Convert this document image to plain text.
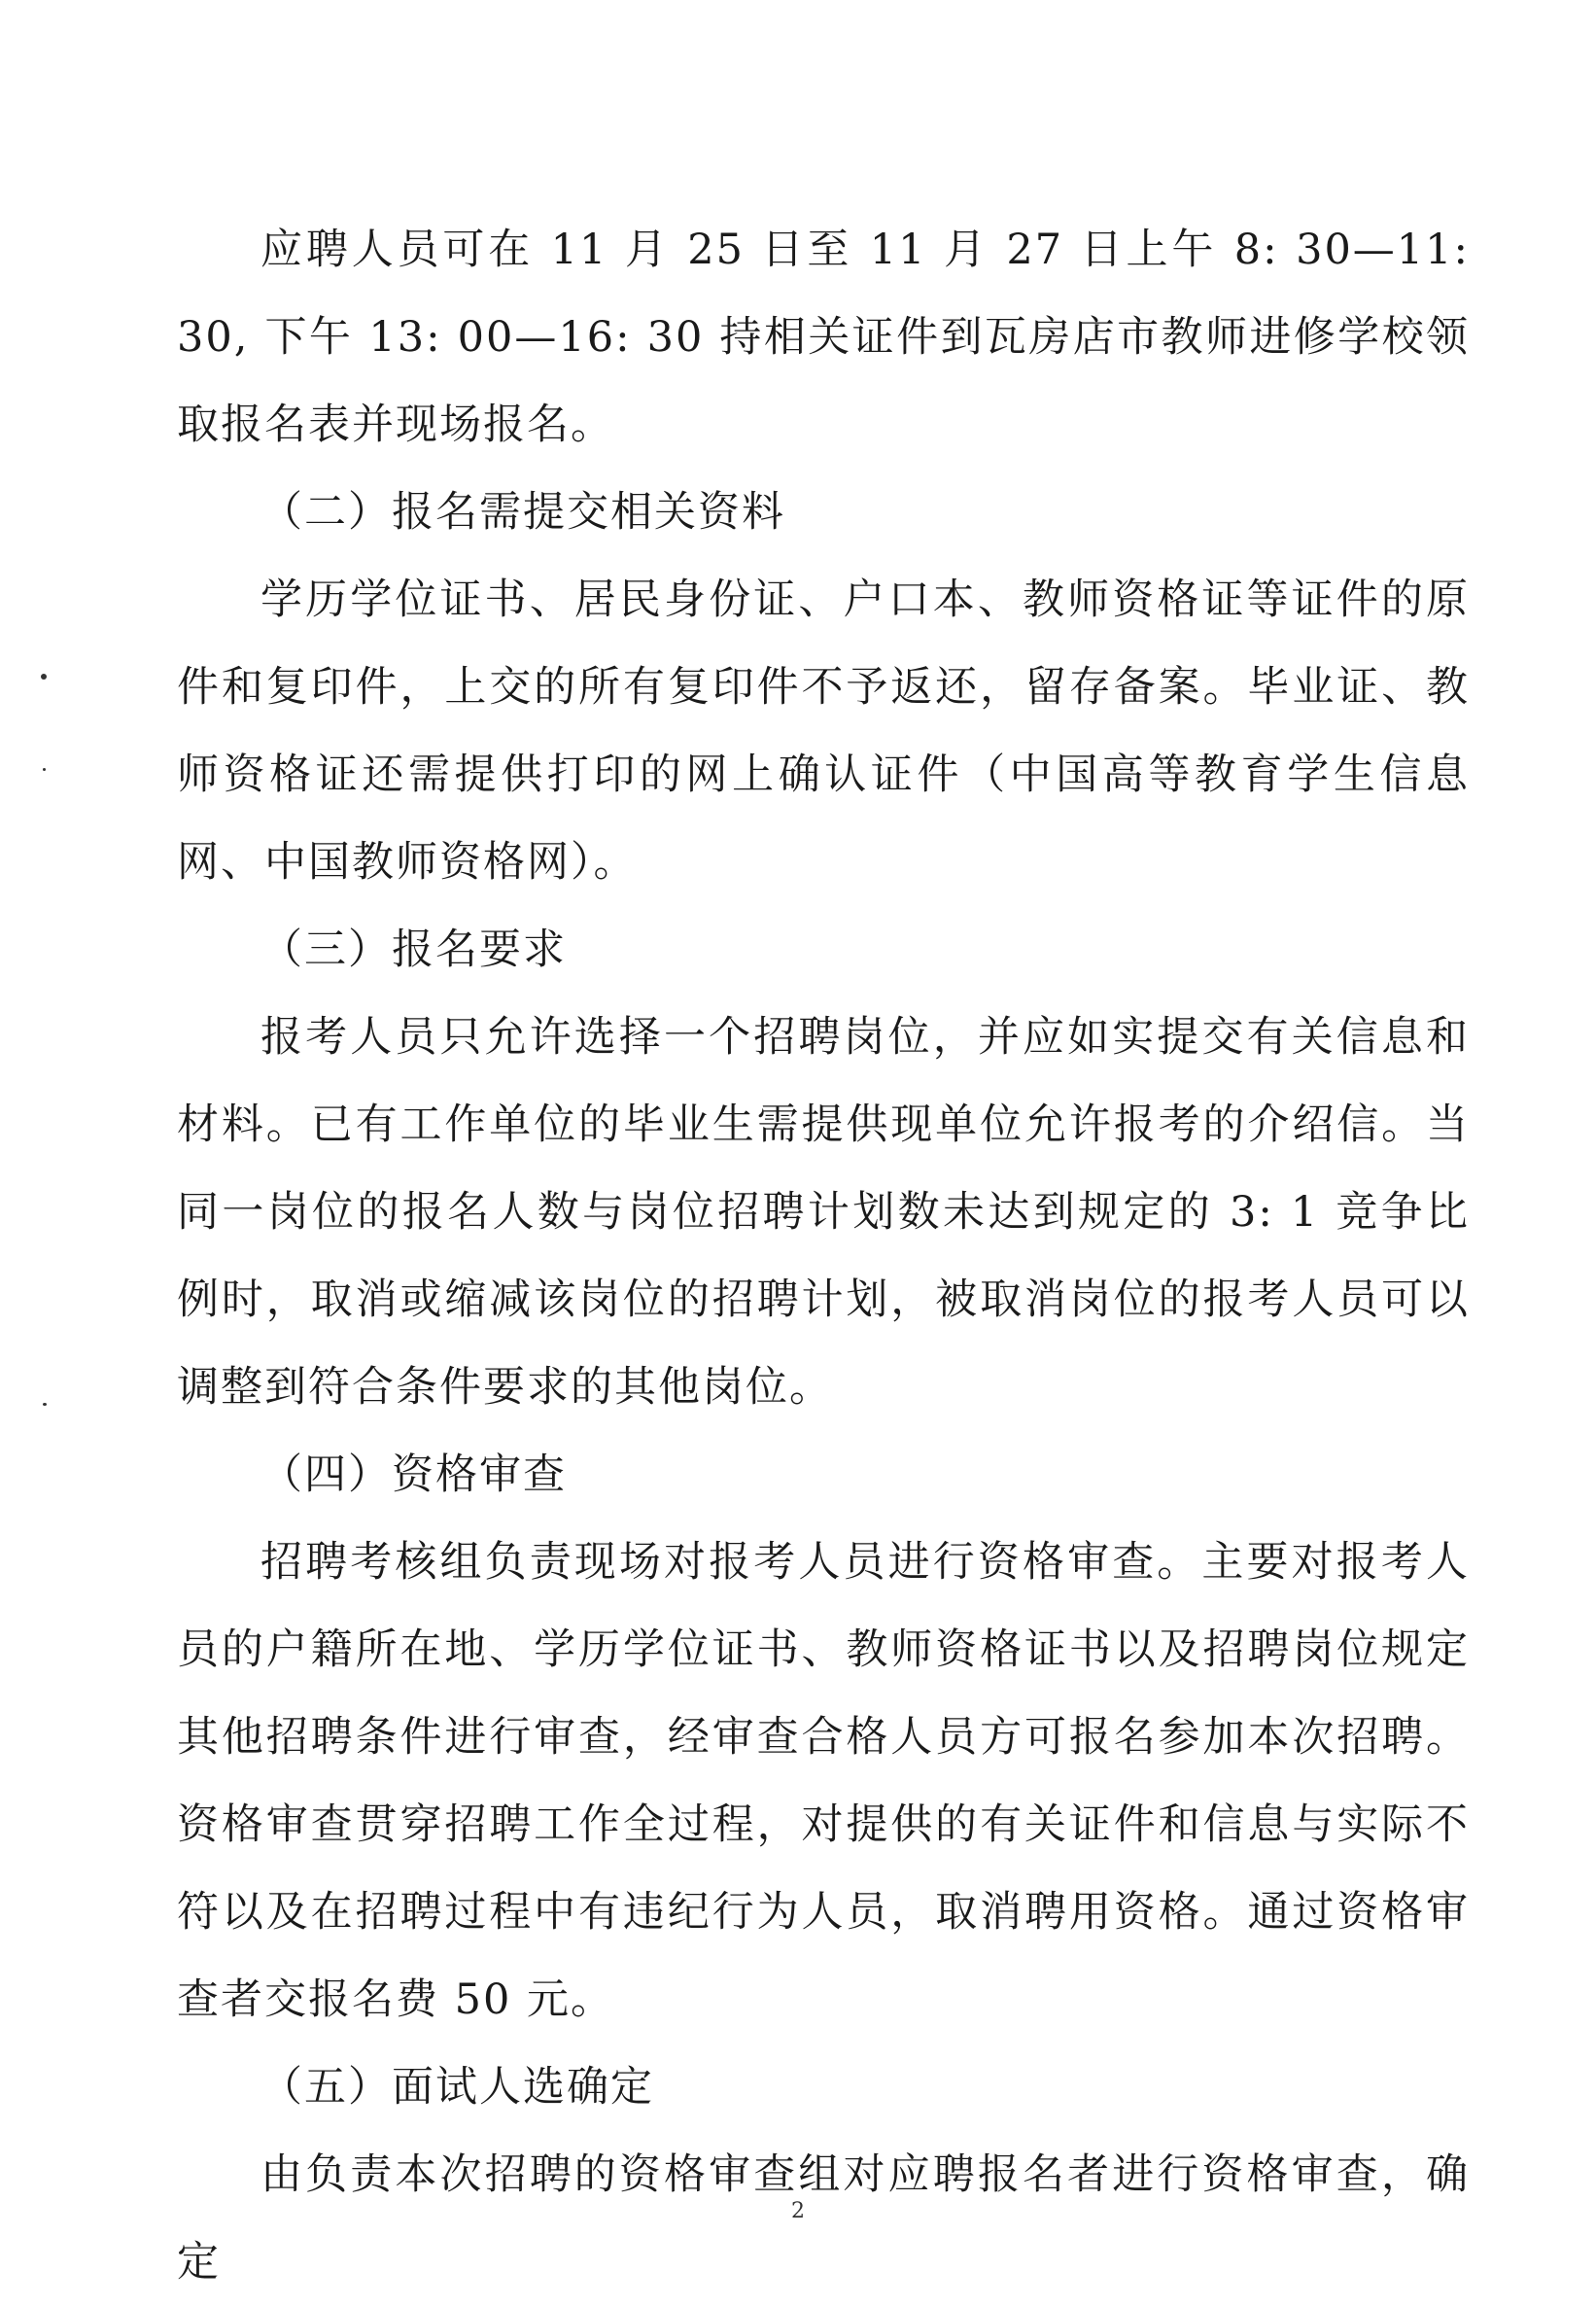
应聘人员可在 11 月 25 日至 11 月 27 日上午 8: 30—11: 30, 下午 13: 00—16: 30 持相关证件到瓦房店市教师进修学校领取报名表并现场报名。

（二）报名需提交相关资料

学历学位证书、居民身份证、户口本、教师资格证等证件的原件和复印件，上交的所有复印件不予返还，留存备案。毕业证、教师资格证还需提供打印的网上确认证件（中国高等教育学生信息网、中国教师资格网）。

（三）报名要求

报考人员只允许选择一个招聘岗位，并应如实提交有关信息和材料。已有工作单位的毕业生需提供现单位允许报考的介绍信。当同一岗位的报名人数与岗位招聘计划数未达到规定的 3: 1 竞争比例时，取消或缩减该岗位的招聘计划，被取消岗位的报考人员可以调整到符合条件要求的其他岗位。

（四）资格审查

招聘考核组负责现场对报考人员进行资格审查。主要对报考人员的户籍所在地、学历学位证书、教师资格证书以及招聘岗位规定其他招聘条件进行审查，经审查合格人员方可报名参加本次招聘。资格审查贯穿招聘工作全过程，对提供的有关证件和信息与实际不符以及在招聘过程中有违纪行为人员，取消聘用资格。通过资格审查者交报名费 50 元。

（五）面试人选确定

由负责本次招聘的资格审查组对应聘报名者进行资格审查，确定

2
